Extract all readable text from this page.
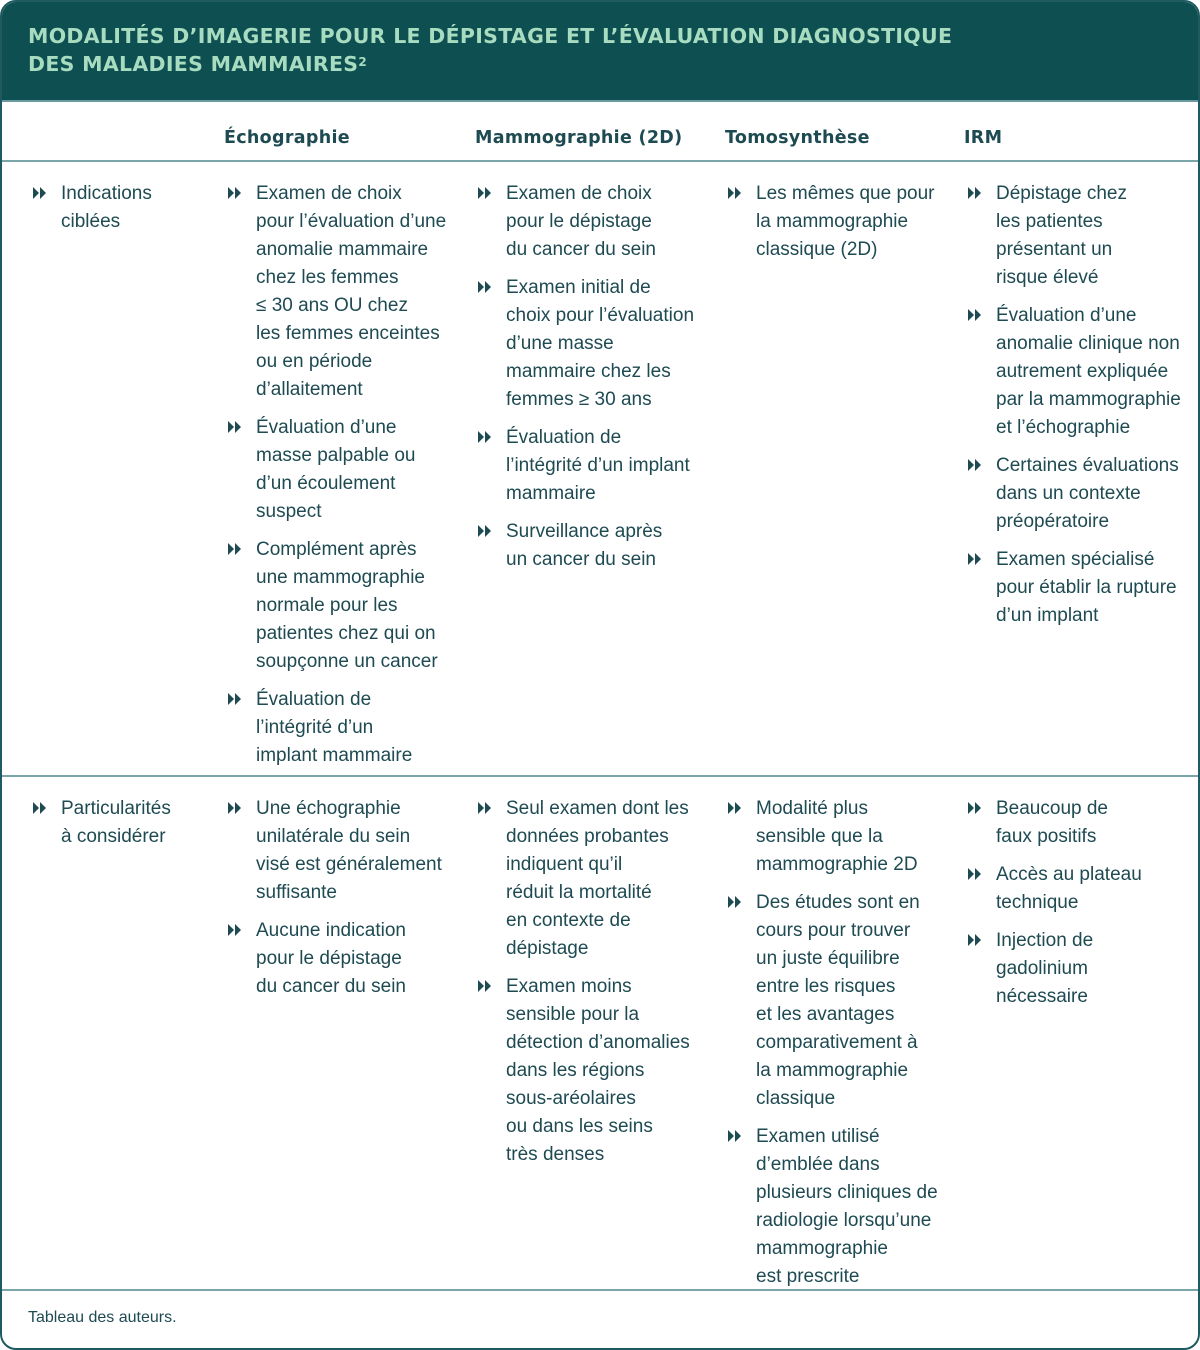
MODALITÉS D’IMAGERIE POUR LE DÉPISTAGE ET L’ÉVALUATION DIAGNOSTIQUE
DES MALADIES MAMMAIRES$^2$
Échographie	Mammographie (2D) Tomosynthèse	IRM
Indications
ciblées
Examen de choix
pour l’évaluation d’une
anomalie mammaire
chez les femmes
≤ 30 ans OU chez
les femmes enceintes
ou en période
d’allaitement
Évaluation d’une
masse palpable ou
d’un écoulement
suspect
Complément après
une mammographie
normale pour les
patientes chez qui on
soupçonne un cancer
Évaluation de
l’intégrité d’un
implant mammaire
Examen de choix
pour le dépistage
du cancer du sein
Examen initial de
choix pour l’évaluation
d’une masse
mammaire chez les
femmes ≥ 30 ans
Évaluation de
l’intégrité d’un implant
mammaire
Surveillance après
un cancer du sein
Les mêmes que pour
la mammographie
classique (2D)
Dépistage chez
les patientes
présentant un
risque élevé
Évaluation d’une
anomalie clinique non
autrement expliquée
par la mammographie
et l’échographie
Certaines évaluations
dans un contexte
préopératoire
Examen spécialisé
pour établir la rupture
d’un implant
Particularités
à considérer
Une échographie
unilatérale du sein
visé est généralement
suffisante
Aucune indication
pour le dépistage
du cancer du sein
Seul examen dont les
données probantes
indiquent qu’il
réduit la mortalité
en contexte de
dépistage
Examen moins
sensible pour la
détection d’anomalies
dans les régions
sous-aréolaires
ou dans les seins
très denses
Modalité plus
sensible que la
mammographie 2D
Des études sont en
cours pour trouver
un juste équilibre
entre les risques
et les avantages
comparativement à
la mammographie
classique
Examen utilisé
d’emblée dans
plusieurs cliniques de
radiologie lorsqu’une
mammographie
est prescrite
Beaucoup de
faux positifs
Accès au plateau
technique
Injection de
gadolinium
nécessaire
Tableau des auteurs.
